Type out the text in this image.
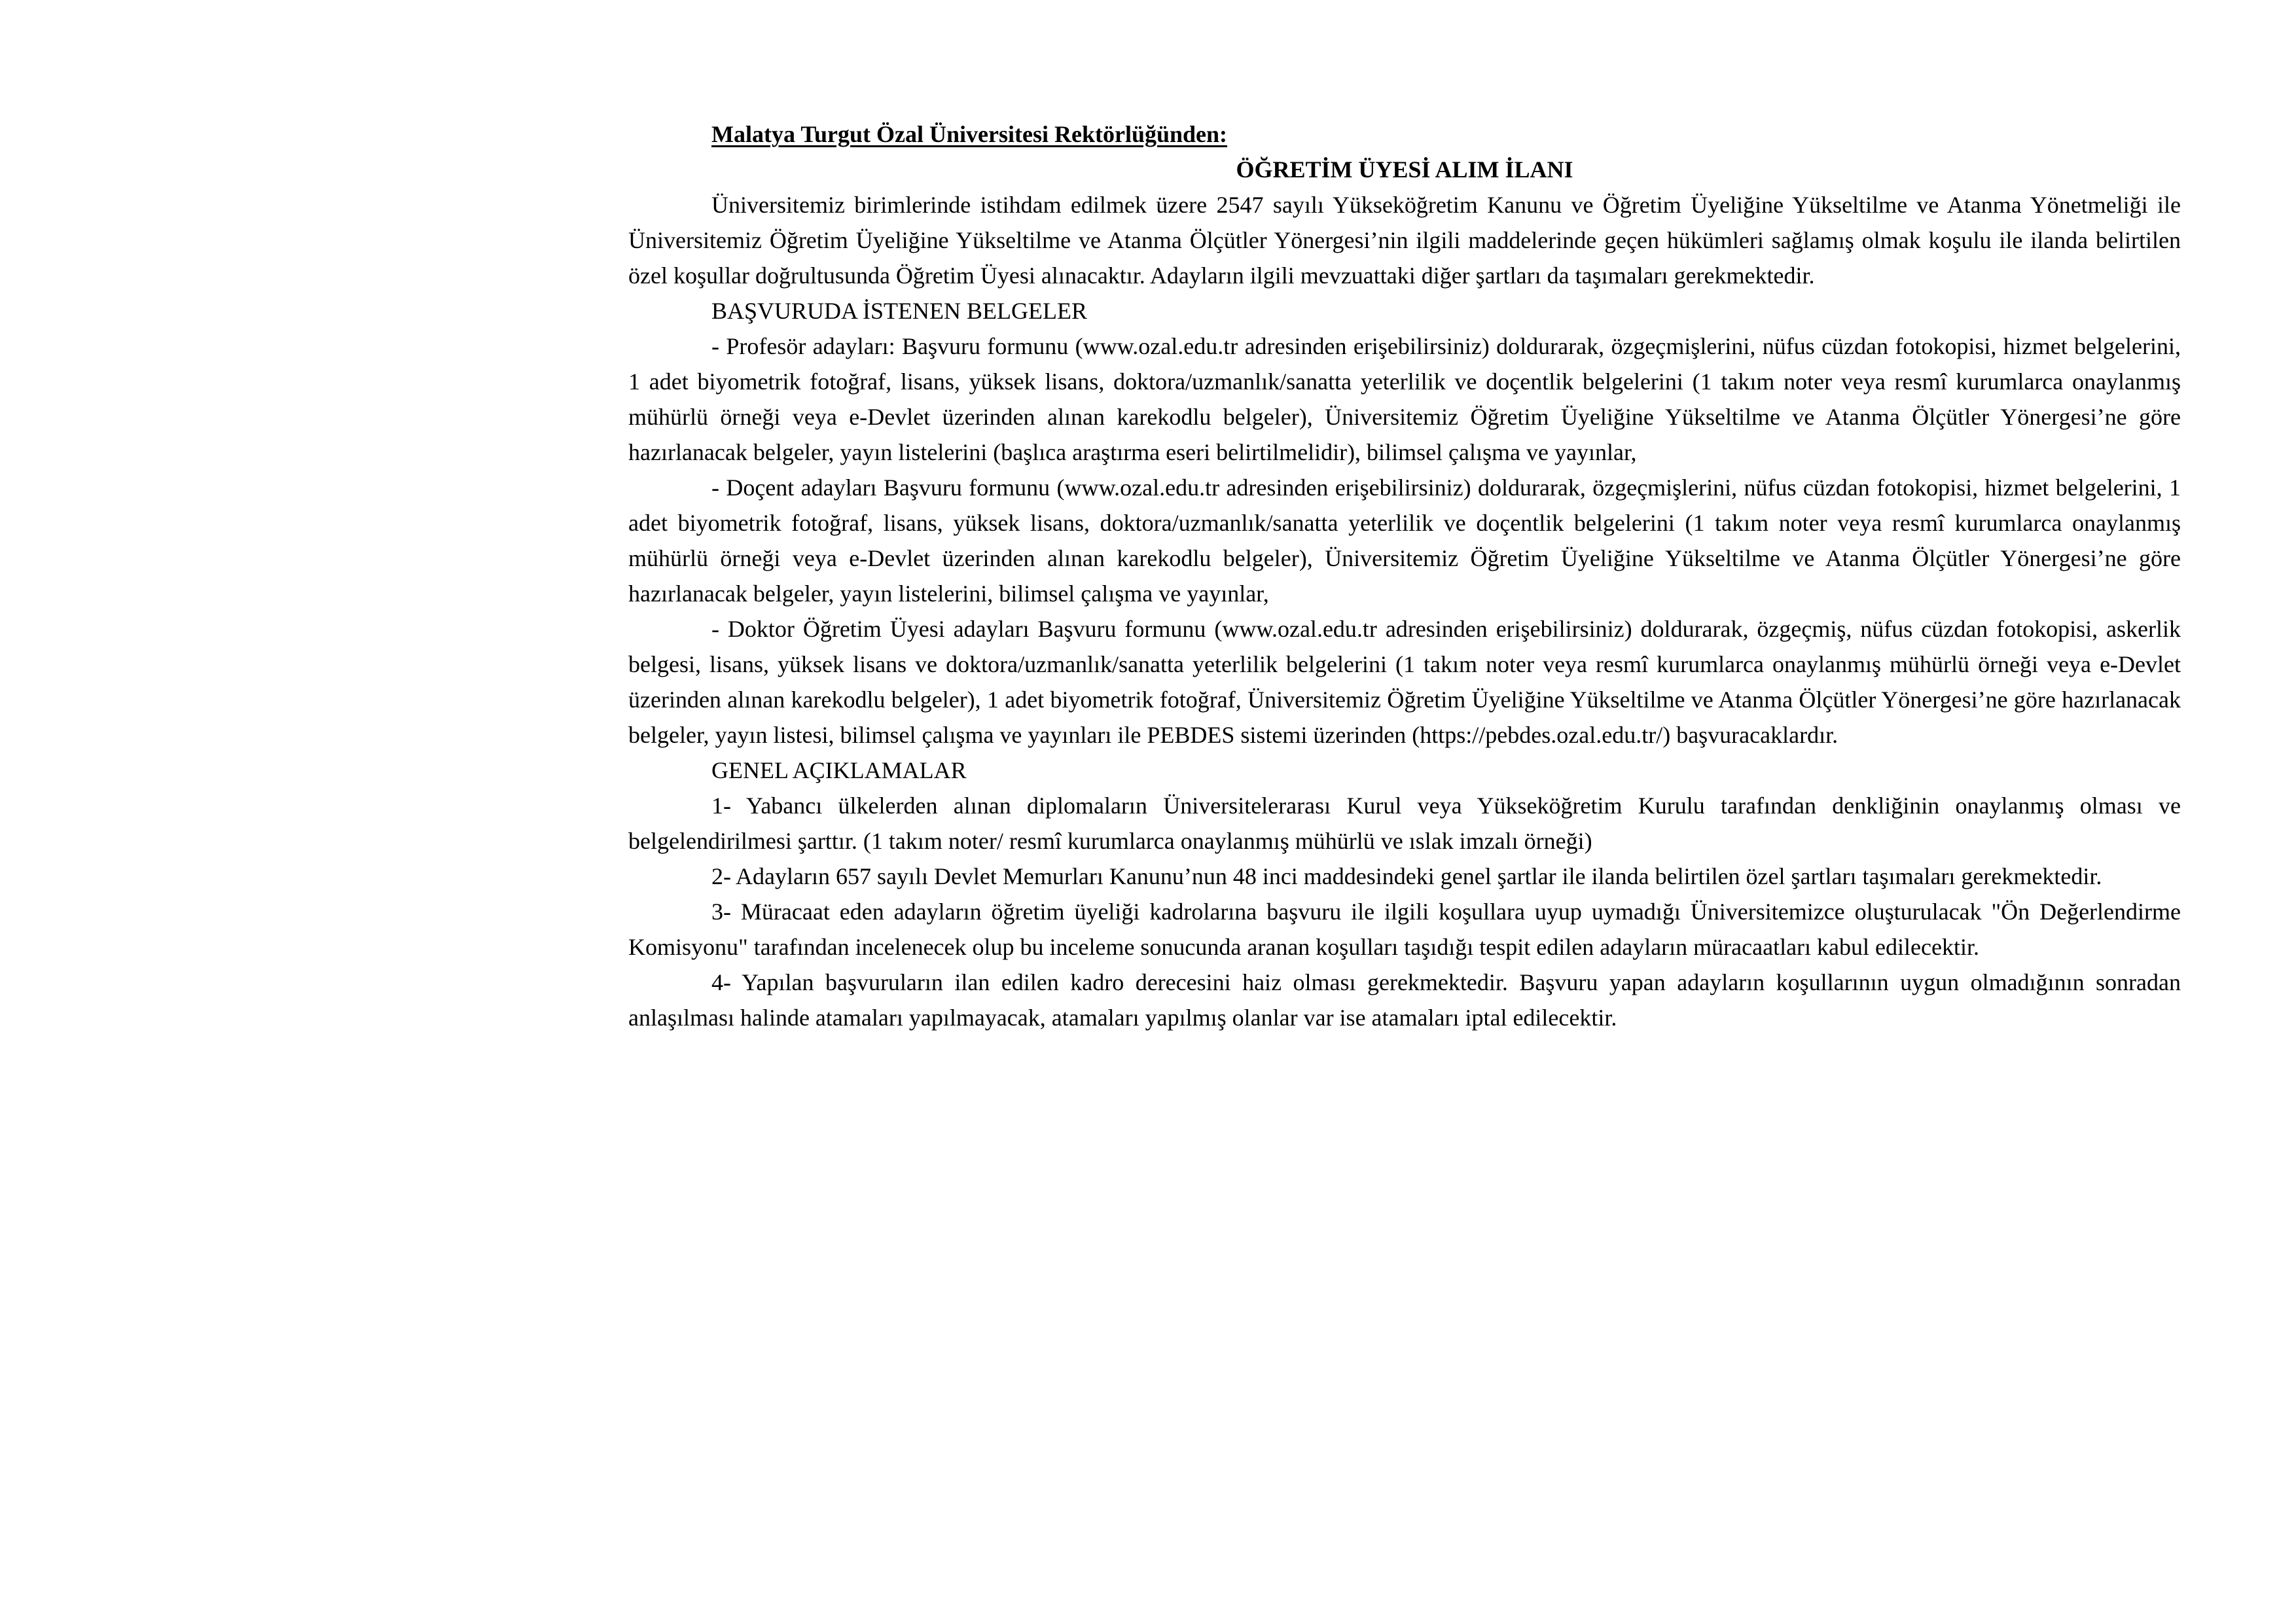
Malatya Turgut Özal Üniversitesi Rektörlüğünden:

ÖĞRETİM ÜYESİ ALIM İLANI

Üniversitemiz birimlerinde istihdam edilmek üzere 2547 sayılı Yükseköğretim Kanunu ve Öğretim Üyeliğine Yükseltilme ve Atanma Yönetmeliği ile Üniversitemiz Öğretim Üyeliğine Yükseltilme ve Atanma Ölçütler Yönergesi’nin ilgili maddelerinde geçen hükümleri sağlamış olmak koşulu ile ilanda belirtilen özel koşullar doğrultusunda Öğretim Üyesi alınacaktır. Adayların ilgili mevzuattaki diğer şartları da taşımaları gerekmektedir.

BAŞVURUDA İSTENEN BELGELER

- Profesör adayları: Başvuru formunu (www.ozal.edu.tr adresinden erişebilirsiniz) doldurarak, özgeçmişlerini, nüfus cüzdan fotokopisi, hizmet belgelerini, 1 adet biyometrik fotoğraf, lisans, yüksek lisans, doktora/uzmanlık/sanatta yeterlilik ve doçentlik belgelerini (1 takım noter veya resmî kurumlarca onaylanmış mühürlü örneği veya e-Devlet üzerinden alınan karekodlu belgeler), Üniversitemiz Öğretim Üyeliğine Yükseltilme ve Atanma Ölçütler Yönergesi’ne göre hazırlanacak belgeler, yayın listelerini (başlıca araştırma eseri belirtilmelidir), bilimsel çalışma ve yayınlar,

- Doçent adayları Başvuru formunu (www.ozal.edu.tr adresinden erişebilirsiniz) doldurarak, özgeçmişlerini, nüfus cüzdan fotokopisi, hizmet belgelerini, 1 adet biyometrik fotoğraf, lisans, yüksek lisans, doktora/uzmanlık/sanatta yeterlilik ve doçentlik belgelerini (1 takım noter veya resmî kurumlarca onaylanmış mühürlü örneği veya e-Devlet üzerinden alınan karekodlu belgeler), Üniversitemiz Öğretim Üyeliğine Yükseltilme ve Atanma Ölçütler Yönergesi’ne göre hazırlanacak belgeler, yayın listelerini, bilimsel çalışma ve yayınlar,

- Doktor Öğretim Üyesi adayları Başvuru formunu (www.ozal.edu.tr adresinden erişebilirsiniz) doldurarak, özgeçmiş, nüfus cüzdan fotokopisi, askerlik belgesi, lisans, yüksek lisans ve doktora/uzmanlık/sanatta yeterlilik belgelerini (1 takım noter veya resmî kurumlarca onaylanmış mühürlü örneği veya e-Devlet üzerinden alınan karekodlu belgeler), 1 adet biyometrik fotoğraf, Üniversitemiz Öğretim Üyeliğine Yükseltilme ve Atanma Ölçütler Yönergesi’ne göre hazırlanacak belgeler, yayın listesi, bilimsel çalışma ve yayınları ile PEBDES sistemi üzerinden (https://pebdes.ozal.edu.tr/) başvuracaklardır.

GENEL AÇIKLAMALAR

1- Yabancı ülkelerden alınan diplomaların Üniversitelerarası Kurul veya Yükseköğretim Kurulu tarafından denkliğinin onaylanmış olması ve belgelendirilmesi şarttır. (1 takım noter/ resmî kurumlarca onaylanmış mühürlü ve ıslak imzalı örneği)

2- Adayların 657 sayılı Devlet Memurları Kanunu’nun 48 inci maddesindeki genel şartlar ile ilanda belirtilen özel şartları taşımaları gerekmektedir.

3- Müracaat eden adayların öğretim üyeliği kadrolarına başvuru ile ilgili koşullara uyup uymadığı Üniversitemizce oluşturulacak "Ön Değerlendirme Komisyonu" tarafından incelenecek olup bu inceleme sonucunda aranan koşulları taşıdığı tespit edilen adayların müracaatları kabul edilecektir.

4- Yapılan başvuruların ilan edilen kadro derecesini haiz olması gerekmektedir. Başvuru yapan adayların koşullarının uygun olmadığının sonradan anlaşılması halinde atamaları yapılmayacak, atamaları yapılmış olanlar var ise atamaları iptal edilecektir.
